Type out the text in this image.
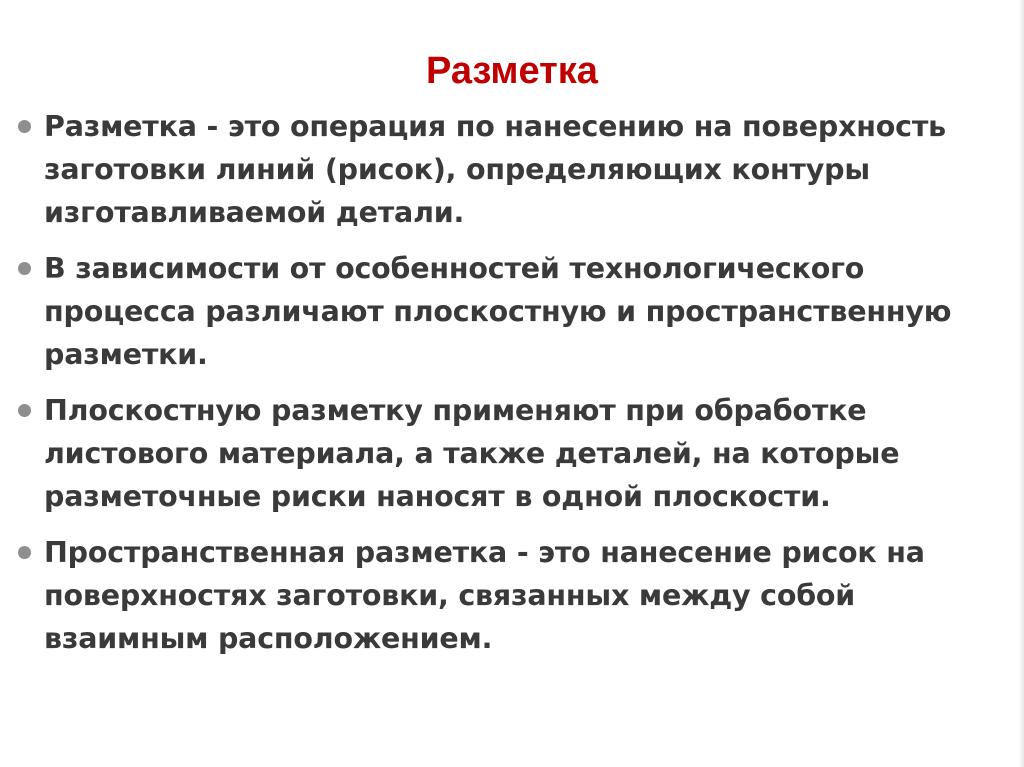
Разметка
Разметка - это операция по нанесению на поверхность заготовки линий (рисок), определяющих контуры изготавливаемой детали.
В зависимости от особенностей технологического процесса различают плоскостную и пространственную разметки.
Плоскостную разметку применяют при обработке листового материала, а также деталей, на которые разметочные риски наносят в одной плоскости.
Пространственная разметка - это нанесение рисок на поверхностях заготовки, связанных между собой взаимным расположением.
